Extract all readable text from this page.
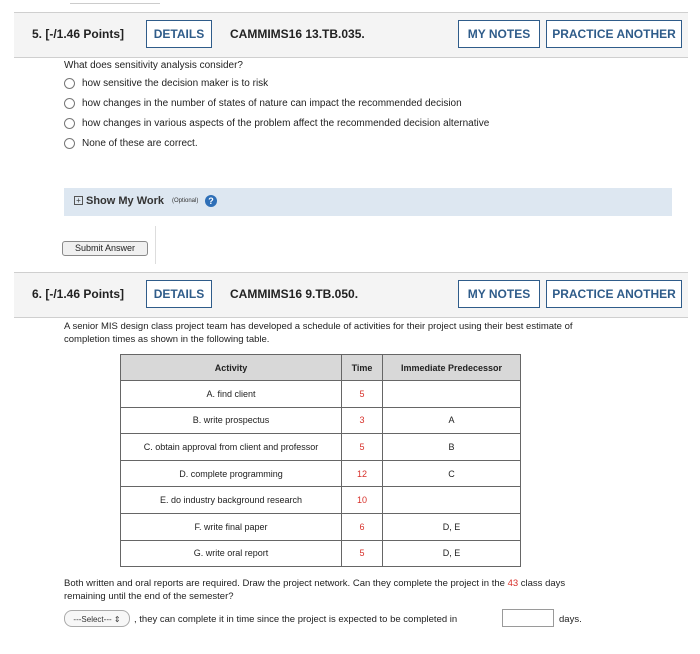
5. [-/1.46 Points]	DETAILS	CAMMIMS16 13.TB.035.	MY NOTES	PRACTICE ANOTHER
What does sensitivity analysis consider?
how sensitive the decision maker is to risk
how changes in the number of states of nature can impact the recommended decision
how changes in various aspects of the problem affect the recommended decision alternative
None of these are correct.
+ Show My Work (Optional)	?
Submit Answer
6. [-/1.46 Points]	DETAILS	CAMMIMS16 9.TB.050.	MY NOTES	PRACTICE ANOTHER
A senior MIS design class project team has developed a schedule of activities for their project using their best estimate of
completion times as shown in the following table.
Activity	Time	Immediate Predecessor
A. find client	5	
B. write prospectus	3	A
C. obtain approval from client and professor	5	B
D. complete programming	12	C
E. do industry background research	10	
F. write final paper	6	D, E
G. write oral report	5	D, E
Both written and oral reports are required. Draw the project network. Can they complete the project in the 43 class days
remaining until the end of the semester?
---Select--- ⇕	, they can complete it in time since the project is expected to be completed in	days.
